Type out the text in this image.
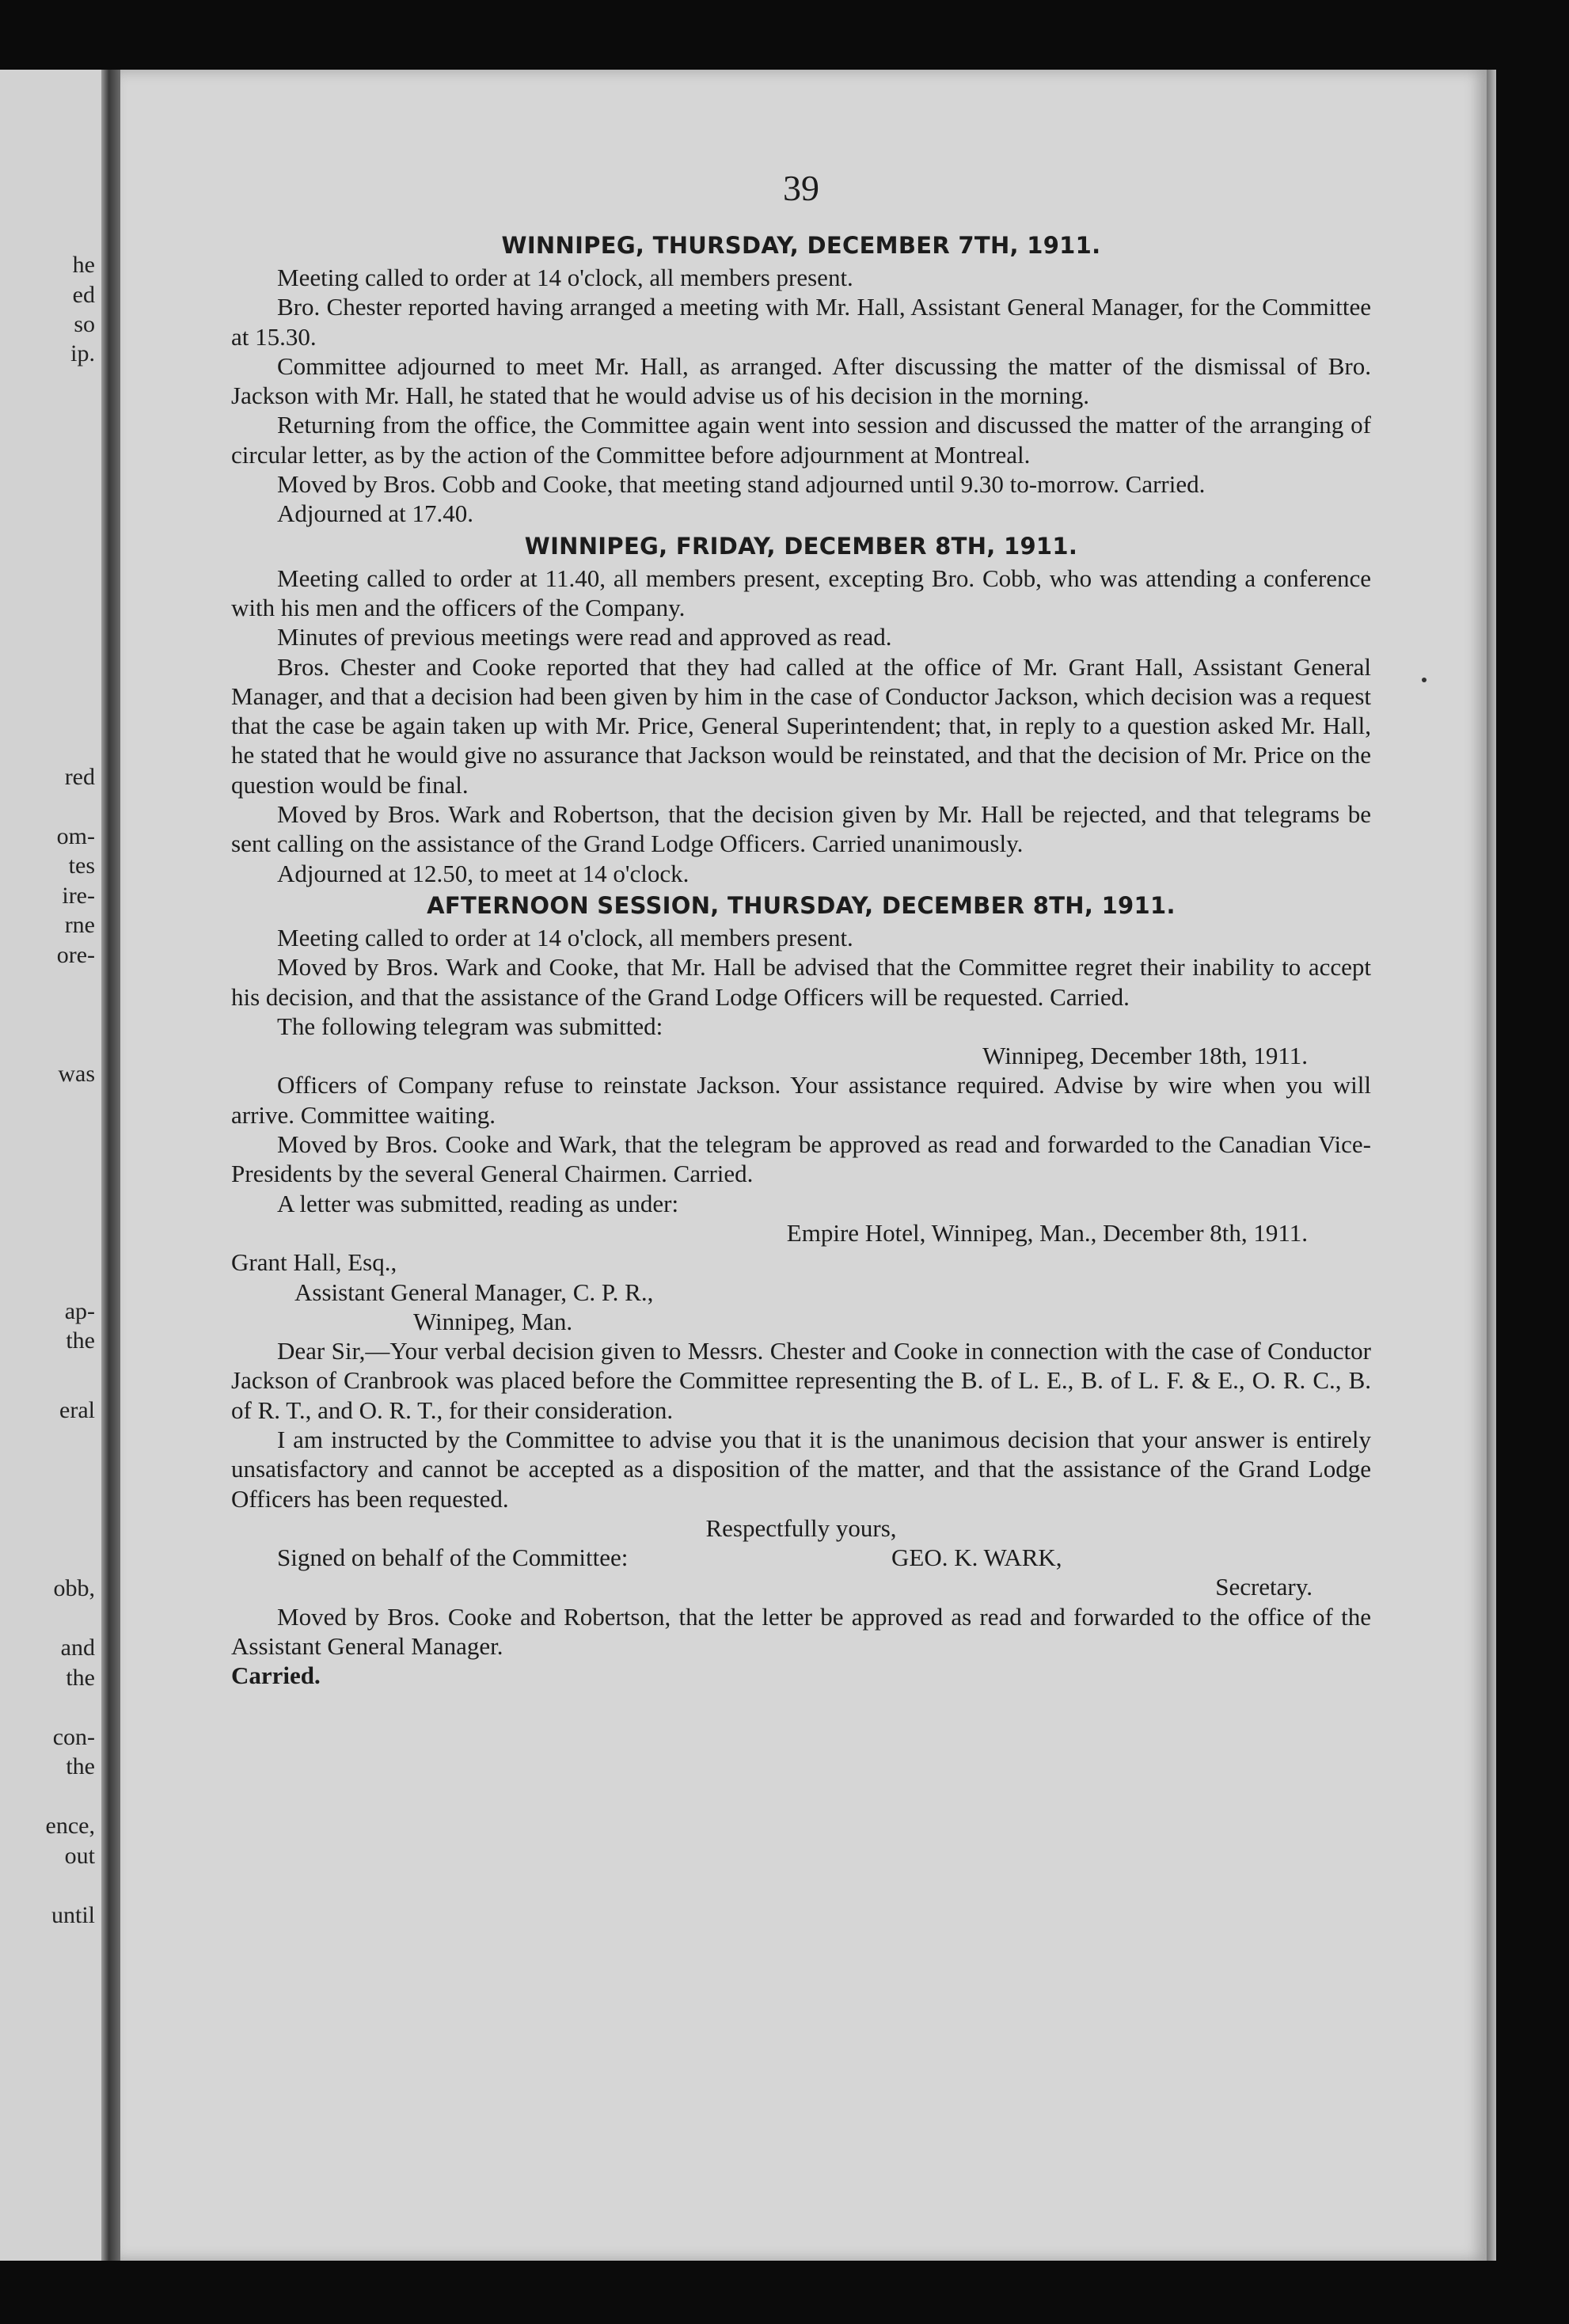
he
ed
so
ip.
red
om-
tes
ire-
rne
ore-
was
ap-
the
eral
obb,
and
the
con-
the
ence,
out
until
39
WINNIPEG, THURSDAY, DECEMBER 7TH, 1911.

Meeting called to order at 14 o'clock, all members present.

Bro. Chester reported having arranged a meeting with Mr. Hall, Assistant General Manager, for the Committee at 15.30.

Committee adjourned to meet Mr. Hall, as arranged. After discussing the matter of the dismissal of Bro. Jackson with Mr. Hall, he stated that he would advise us of his decision in the morning.

Returning from the office, the Committee again went into session and discussed the matter of the arranging of circular letter, as by the action of the Committee before adjournment at Montreal.

Moved by Bros. Cobb and Cooke, that meeting stand adjourned until 9.30 to-morrow. Carried.

Adjourned at 17.40.

WINNIPEG, FRIDAY, DECEMBER 8TH, 1911.

Meeting called to order at 11.40, all members present, excepting Bro. Cobb, who was attending a conference with his men and the officers of the Company.

Minutes of previous meetings were read and approved as read.

Bros. Chester and Cooke reported that they had called at the office of Mr. Grant Hall, Assistant General Manager, and that a decision had been given by him in the case of Conductor Jackson, which decision was a request that the case be again taken up with Mr. Price, General Superintendent; that, in reply to a question asked Mr. Hall, he stated that he would give no assurance that Jackson would be reinstated, and that the decision of Mr. Price on the question would be final.

Moved by Bros. Wark and Robertson, that the decision given by Mr. Hall be rejected, and that telegrams be sent calling on the assistance of the Grand Lodge Officers. Carried unanimously.

Adjourned at 12.50, to meet at 14 o'clock.

AFTERNOON SESSION, THURSDAY, DECEMBER 8TH, 1911.

Meeting called to order at 14 o'clock, all members present.

Moved by Bros. Wark and Cooke, that Mr. Hall be advised that the Committee regret their inability to accept his decision, and that the assistance of the Grand Lodge Officers will be requested. Carried.

The following telegram was submitted:

Winnipeg, December 18th, 1911.

Officers of Company refuse to reinstate Jackson. Your assistance required. Advise by wire when you will arrive. Committee waiting.

Moved by Bros. Cooke and Wark, that the telegram be approved as read and forwarded to the Canadian Vice-Presidents by the several General Chairmen. Carried.

A letter was submitted, reading as under:

Empire Hotel, Winnipeg, Man., December 8th, 1911.

Grant Hall, Esq.,

Assistant General Manager, C. P. R.,

Winnipeg, Man.

Dear Sir,—Your verbal decision given to Messrs. Chester and Cooke in connection with the case of Conductor Jackson of Cranbrook was placed before the Committee representing the B. of L. E., B. of L. F. & E., O. R. C., B. of R. T., and O. R. T., for their consideration.

I am instructed by the Committee to advise you that it is the unanimous decision that your answer is entirely unsatisfactory and cannot be accepted as a disposition of the matter, and that the assistance of the Grand Lodge Officers has been requested.

Respectfully yours,

Signed on behalf of the Committee:	GEO. K. WARK,

Secretary.

Moved by Bros. Cooke and Robertson, that the letter be approved as read and forwarded to the office of the Assistant General Manager.

Carried.
